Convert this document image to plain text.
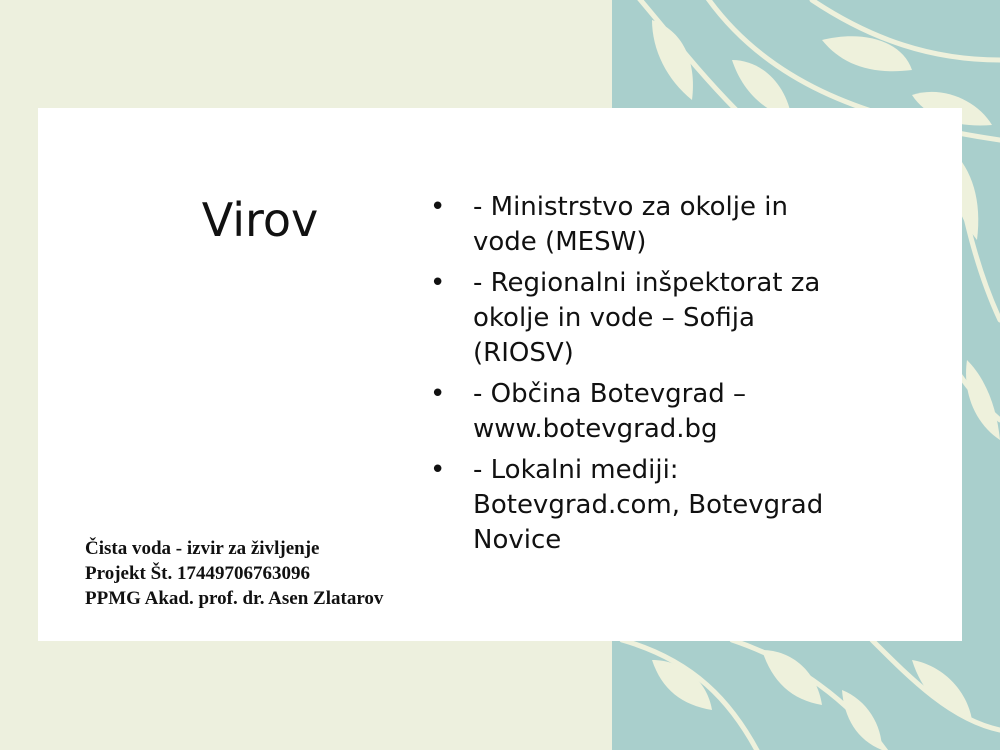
Virov	• - Ministrstvo za okolje in vode (MESW)
• - Regionalni inšpektorat za okolje in vode – Sofija (RIOSV)
• - Občina Botevgrad – www.botevgrad.bg
• - Lokalni mediji: Botevgrad.com, Botevgrad Novice
Čista voda - izvir za življenje
Projekt Št. 17449706763096
PPMG Akad. prof. dr. Asen Zlatarov
